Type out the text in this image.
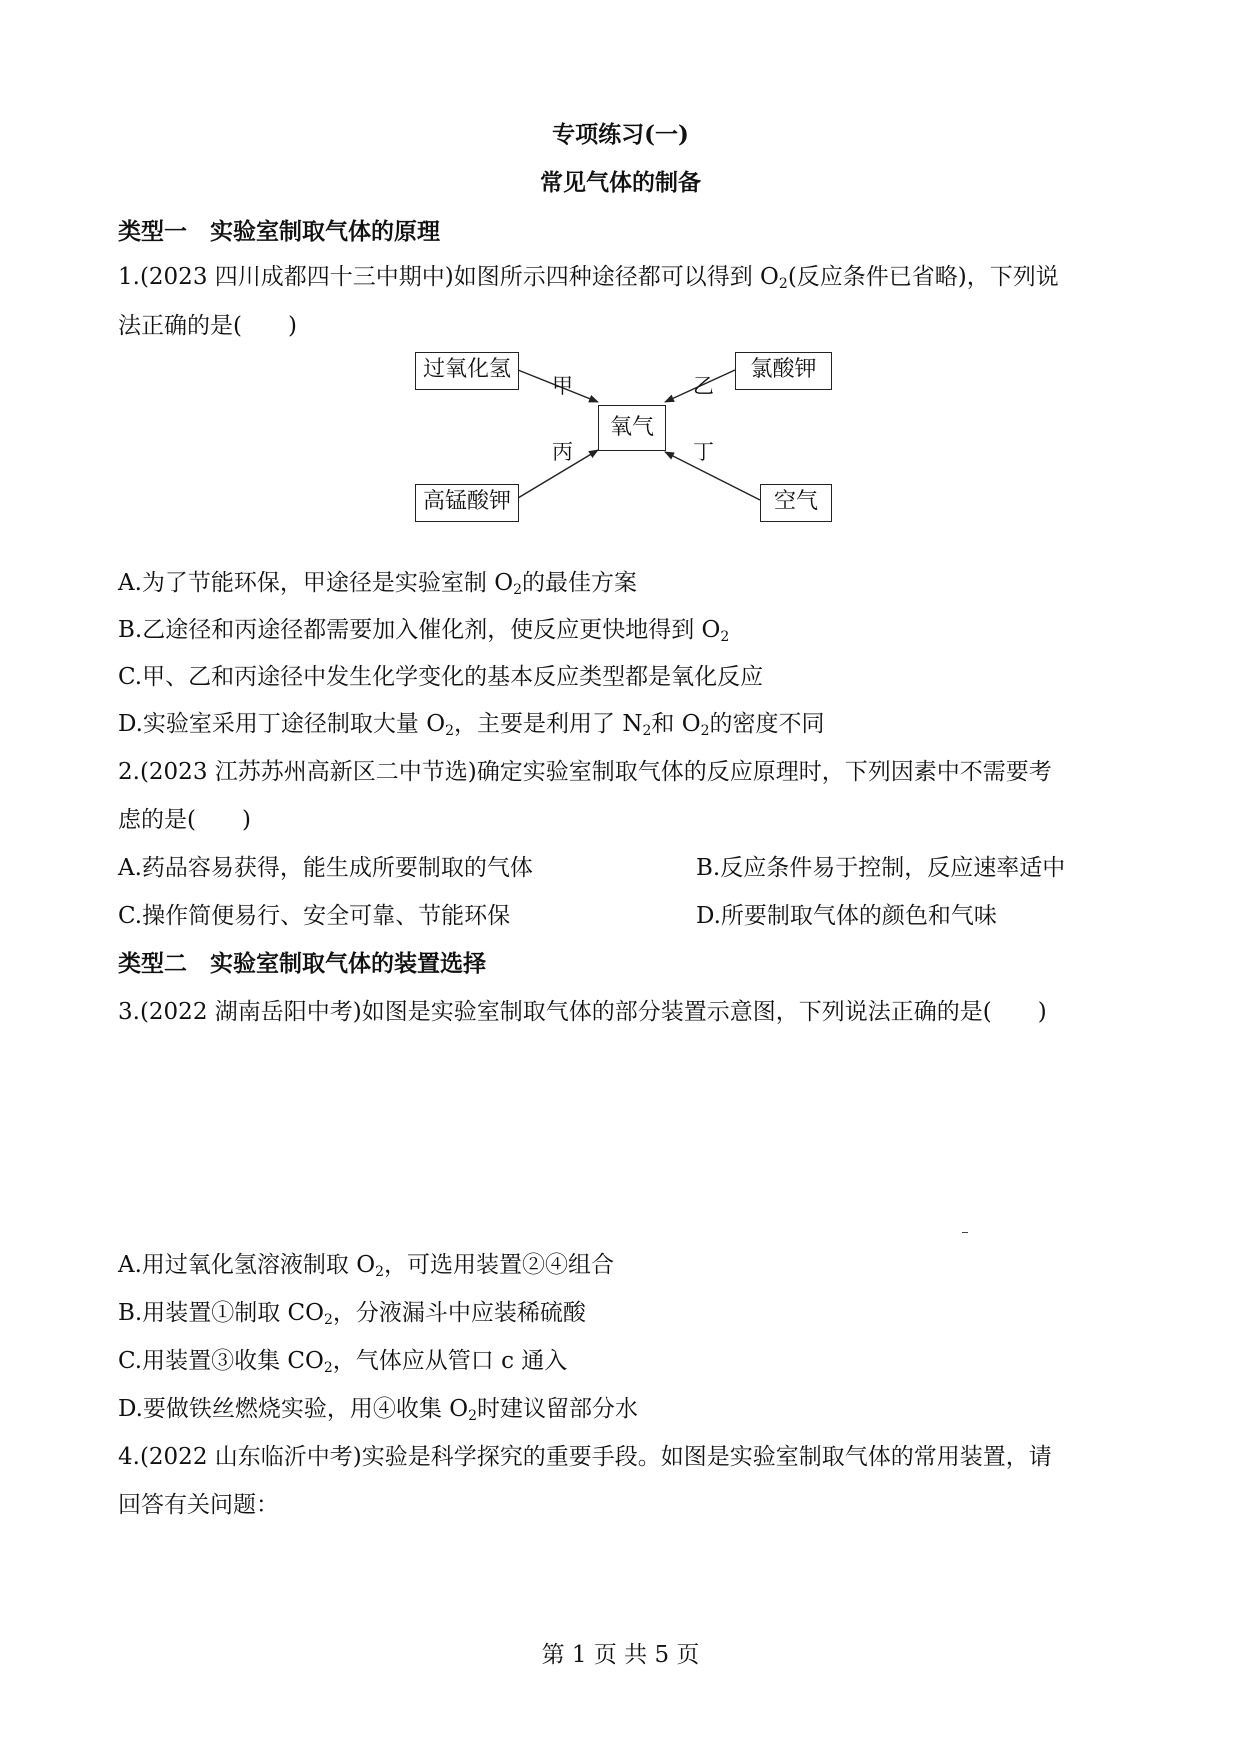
专项练习(一)
常见气体的制备
类型一　实验室制取气体的原理
1.(2023 四川成都四十三中期中)如图所示四种途径都可以得到 $O_2$(反应条件已省略)，下列说
法正确的是(　　)
过氧化氢	氯酸钾
氧气
高锰酸钾	空气
甲	乙
丙	丁
A.为了节能环保，甲途径是实验室制 $O_2$的最佳方案
B.乙途径和丙途径都需要加入催化剂，使反应更快地得到 $O_2$
C.甲、乙和丙途径中发生化学变化的基本反应类型都是氧化反应
D.实验室采用丁途径制取大量 $O_2$，主要是利用了 $N_2$和 $O_2$的密度不同
2.(2023 江苏苏州高新区二中节选)确定实验室制取气体的反应原理时，下列因素中不需要考
虑的是(　　)
A.药品容易获得，能生成所要制取的气体	B.反应条件易于控制，反应速率适中
C.操作简便易行、安全可靠、节能环保	D.所要制取气体的颜色和气味
类型二　实验室制取气体的装置选择
3.(2022 湖南岳阳中考)如图是实验室制取气体的部分装置示意图，下列说法正确的是(　　)
A.用过氧化氢溶液制取 $O_2$，可选用装置②④组合
B.用装置①制取 $CO_2$，分液漏斗中应装稀硫酸
C.用装置③收集 $CO_2$，气体应从管口 c 通入
D.要做铁丝燃烧实验，用④收集 $O_2$时建议留部分水
4.(2022 山东临沂中考)实验是科学探究的重要手段。如图是实验室制取气体的常用装置，请
回答有关问题：
第 1 页 共 5 页
